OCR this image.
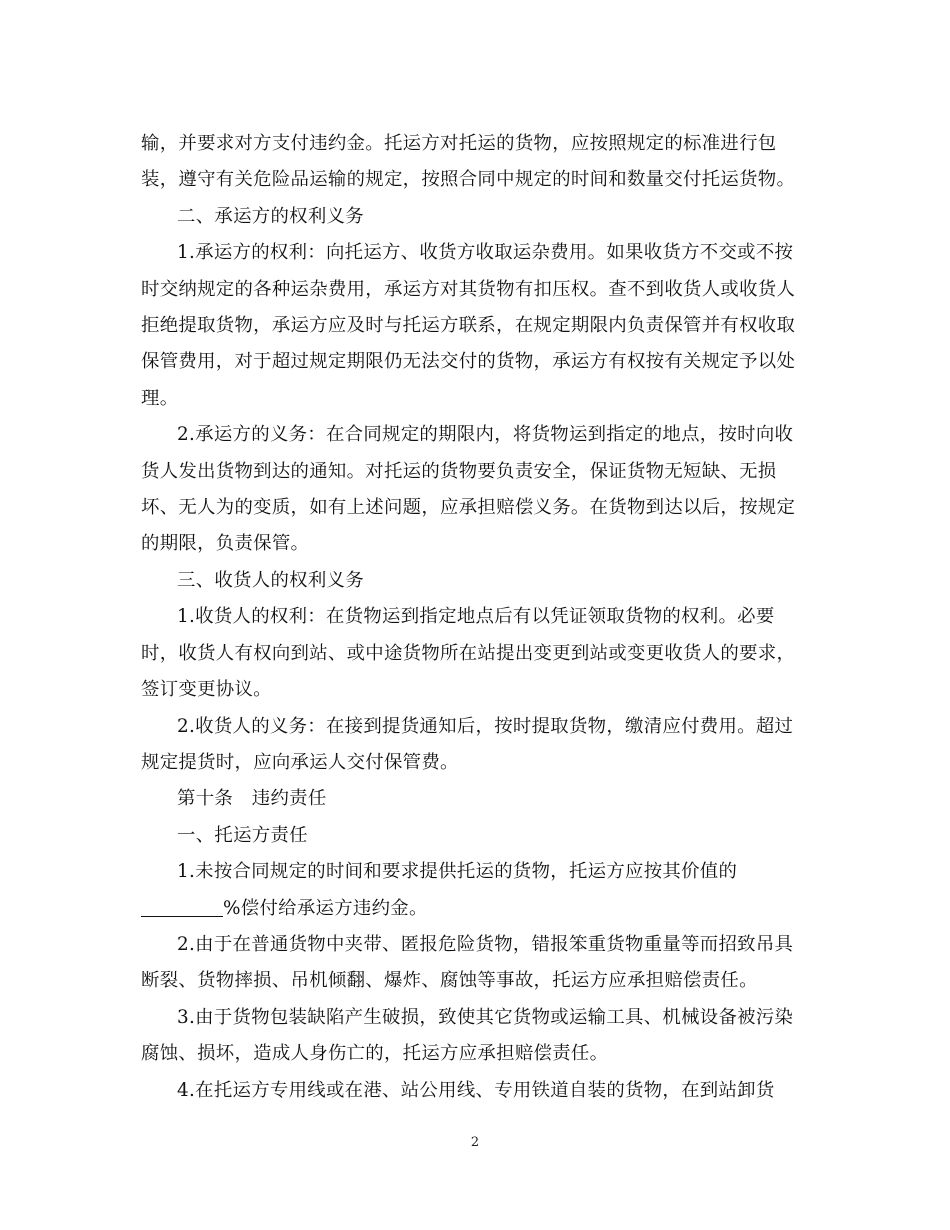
输，并要求对方支付违约金。托运方对托运的货物，应按照规定的标准进行包装，遵守有关危险品运输的规定，按照合同中规定的时间和数量交付托运货物。

二、承运方的权利义务

1.承运方的权利：向托运方、收货方收取运杂费用。如果收货方不交或不按时交纳规定的各种运杂费用，承运方对其货物有扣压权。查不到收货人或收货人拒绝提取货物，承运方应及时与托运方联系，在规定期限内负责保管并有权收取保管费用，对于超过规定期限仍无法交付的货物，承运方有权按有关规定予以处理。

2.承运方的义务：在合同规定的期限内，将货物运到指定的地点，按时向收货人发出货物到达的通知。对托运的货物要负责安全，保证货物无短缺、无损坏、无人为的变质，如有上述问题，应承担赔偿义务。在货物到达以后，按规定的期限，负责保管。

三、收货人的权利义务

1.收货人的权利：在货物运到指定地点后有以凭证领取货物的权利。必要时，收货人有权向到站、或中途货物所在站提出变更到站或变更收货人的要求，签订变更协议。

2.收货人的义务：在接到提货通知后，按时提取货物，缴清应付费用。超过规定提货时，应向承运人交付保管费。

第十条　违约责任

一、托运方责任

1.未按合同规定的时间和要求提供托运的货物，托运方应按其价值的

%偿付给承运方违约金。

2.由于在普通货物中夹带、匿报危险货物，错报笨重货物重量等而招致吊具断裂、货物摔损、吊机倾翻、爆炸、腐蚀等事故，托运方应承担赔偿责任。

3.由于货物包装缺陷产生破损，致使其它货物或运输工具、机械设备被污染腐蚀、损坏，造成人身伤亡的，托运方应承担赔偿责任。

4.在托运方专用线或在港、站公用线、专用铁道自装的货物，在到站卸货

2
